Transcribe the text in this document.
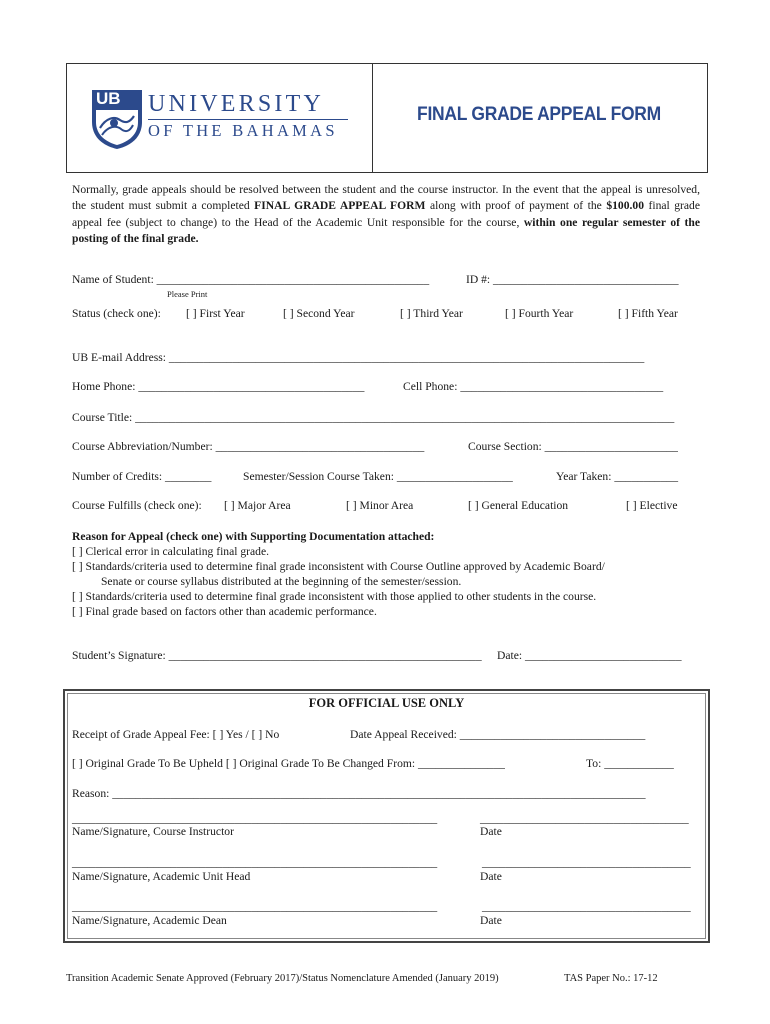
UB UNIVERSITY
OF THE BAHAMAS
FINAL GRADE APPEAL FORM
Normally, grade appeals should be resolved between the student and the course instructor. In the event that the appeal is unresolved, the student must submit a completed FINAL GRADE APPEAL FORM along with proof of payment of the $100.00 final grade appeal fee (subject to change) to the Head of the Academic Unit responsible for the course, within one regular semester of the posting of the final grade.
Name of Student: _______________________________________________	ID #: ________________________________
Please Print
Status (check one): [ ] First Year	[ ] Second Year	[ ] Third Year	[ ] Fourth Year	[ ] Fifth Year
UB E-mail Address: __________________________________________________________________________________
Home Phone: _______________________________________	Cell Phone: ___________________________________
Course Title: _____________________________________________________________________________________________
Course Abbreviation/Number: ____________________________________	Course Section: _______________________
Number of Credits: ________	Semester/Session Course Taken: ____________________	Year Taken: ___________
Course Fulfills (check one): [ ] Major Area	[ ] Minor Area	[ ] General Education	[ ] Elective
Reason for Appeal (check one) with Supporting Documentation attached:
[ ] Clerical error in calculating final grade.
[ ] Standards/criteria used to determine final grade inconsistent with Course Outline approved by Academic Board/
Senate or course syllabus distributed at the beginning of the semester/session.
[ ] Standards/criteria used to determine final grade inconsistent with those applied to other students in the course.
[ ] Final grade based on factors other than academic performance.
Student’s Signature: ______________________________________________________ Date: ___________________________
FOR OFFICIAL USE ONLY
Receipt of Grade Appeal Fee: [ ] Yes / [ ] No	Date Appeal Received: ________________________________
[ ] Original Grade To Be Upheld [ ] Original Grade To Be Changed From: _______________	To: ____________
Reason: ____________________________________________________________________________________________
_______________________________________________________________	____________________________________
Name/Signature, Course Instructor	Date
_______________________________________________________________	____________________________________
Name/Signature, Academic Unit Head	Date
_______________________________________________________________	____________________________________
Name/Signature, Academic Dean	Date
Transition Academic Senate Approved (February 2017)/Status Nomenclature Amended (January 2019)	TAS Paper No.: 17-12
